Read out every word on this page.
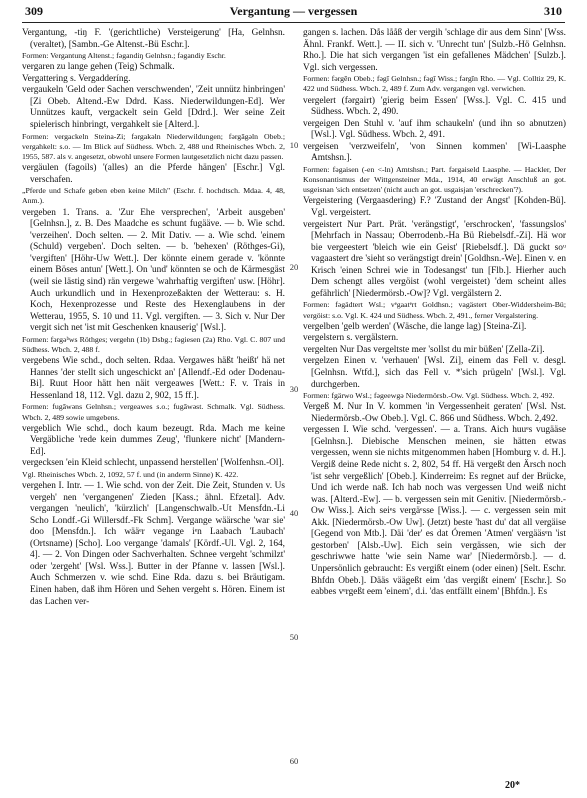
309	Vergantung — vergessen	310

Vergantung, -tiŋ F. '(gerichtliche) Versteigerung' [Ha, Gelnhsn. (veraltet), [Sambn.-Ge Altenst.-Bü Eschr.].

Formen: Vergantung Altenst.; fəgandiŋ Gelnhsn.; fəgandiy Eschr.

vergaren zu lange gehen (Teig) Schmalk.

Vergattering s. Vergadderíng.

vergaukeln 'Geld oder Sachen verschwenden', 'Zeit unnütz hinbringen' [Zi Obeb. Altend.-Ew Ddrd. Kass. Niederwildungen-Ed]. Wer Unnützes kauft, vergackelt sein Geld [Ddrd.]. Wer seine Zeit spielerisch hinbringt, vergahkelt sie [Alterd.].

Formen: vergackeln Steina-Zi; fərgakəln Niederwildungen; fərgāgəln Obeb.; vergahkelt: s.o. — Im Blick auf Südhess. Wbch. 2, 488 und Rheinisches Wbch. 2, 1955, 587. als v. angesetzt, obwohl unsere Formen lautgesetzlich nicht dazu passen.

vergäulen (fəgoils) '(alles) an die Pferde hängen' [Eschr.] Vgl. verschafen.

„Pferde und Schafe geben eben keine Milch" (Eschr. f. hochdtsch. Mdaa. 4, 48, Anm.).

vergeben 1. Trans. a. 'Zur Ehe versprechen', 'Arbeit ausgeben' [Gelnhsn.], z. B. Des Maadche es schunt fugääve. — b. Wie schd. 'verzeihen'. Doch selten. — 2. Mit Dativ. — a. Wie schd. 'einem (Schuld) vergeben'. Doch selten. — b. 'behexen' (Röthges-Gi), 'vergiften' [Höhr-Uw Wett.]. Der könnte einem gerade v. 'könnte einem Böses antun' [Wett.]. On 'und' könnten se och de Kärmesgäst (weil sie lästig sind) rän vergewe 'wahrhaftig vergiften' usw. [Höhr]. Auch urkundlich und in Hexenprozeßakten der Wetterau: s. H. Koch, Hexenprozesse und Reste des Hexenglaubens in der Wetterau, 1955, S. 10 und 11. Vgl. vergiften. — 3. Sich v. Nur Der vergit sich net 'ist mit Geschenken knauserig' [Wsl.].

Formen: fərgəᵇws Röthges; vergehn (1b) Dsbg.; fəgiesen (2a) Rho. Vgl. C. 807 und Südhess. Wbch. 2, 488 f.

vergebens Wie schd., doch selten. Rdaa. Vergawes häßt 'heißt' hä net Hannes 'der stellt sich ungeschickt an' [Allendf.-Ed oder Dodenau-Bi]. Ruut Hoor hätt hen näit vergeawes [Wett.: F. v. Trais in Hessenland 18, 112. Vgl. dazu 2, 902, 15 ff.].

Formen: fugāwəns Gelnhsn.; vergeawes s.o.; fugāwəst. Schmalk. Vgl. Südhess. Wbch. 2, 489 sowie umgebens.

vergeblich Wie schd., doch kaum bezeugt. Rda. Mach me keine Vergäbliche 'rede kein dummes Zeug', 'flunkere nicht' [Mandern-Ed].

vergecksen 'ein Kleid schlecht, unpassend herstellen' [Wolfenhsn.-Ol].

Vgl. Rheinisches Wbch. 2, 1092, 57 f. und (in anderm Sinne) K. 422.

vergehen I. Intr. — 1. Wie schd. von der Zeit. Die Zeit, Stunden v. Us vergeh' nen 'vergangenen' Zieden [Kass.; ähnl. Efzetal]. Adv. vergangen 'neulich', 'kürzlich' [Langenschwalb.-Ut Mensfdn.-Li Scho Londf.-Gi Willersdf.-Fk Schm]. Vergange wäärsche 'war sie' doo [Mensfdn.]. Ich wääᵉr vegange iᵉn Laabach 'Laubach' (Ortsname) [Scho]. Loo vergange 'damals' [Kördf.-Ul. Vgl. 2, 164, 4]. — 2. Von Dingen oder Sachverhalten. Schnee vergeht 'schmilzt' oder 'zergeht' [Wsl. Wss.]. Butter in der Pfanne v. lassen [Wsl.]. Auch Schmerzen v. wie schd. Eine Rda. dazu s. bei Bräutigam. Einen haben, daß ihm Hören und Sehen vergeht s. Hören. Einem ist das Lachen ver-

10
20
30
40
50
60

gangen s. lachen. Dås lååß der vergih 'schlage dir aus dem Sinn' [Wss. Ähnl. Frankf. Wett.]. — II. sich v. 'Unrecht tun' [Sulzb.-Hö Gelnhsn. Rho.]. Die hat sich vergangen 'ist ein gefallenes Mädchen' [Sulzb.]. Vgl. sich vergessen.

Formen: fərgēn Obeb.; fəgī Gelnhsn.; fəgī Wiss.; fərgīn Rho. — Vgl. Colltiz 29, K. 422 und Südhess. Wbch. 2, 489 f. Zum Adv. vergangen vgl. verwichen.

vergelert (fərgairt) 'gierig beim Essen' [Wss.]. Vgl. C. 415 und Südhess. Wbch. 2, 490.

vergeigen Den Stuhl v. 'auf ihm schaukeln' (und ihn so abnutzen) [Wsl.]. Vgl. Südhess. Wbch. 2, 491.

vergeisen 'verzweifeln', 'von Sinnen kommen' [Wi-Laasphe Amtshsn.].

Formen: fəgaisen (-en <-ln) Amtshsn.; Part. fərgaiseld Laasphe. — Hackler, Der Konsonantismus der Wittgensteiner Mda., 1914, 40 erwägt Anschluß an got. usgeisnan 'sich entsetzen' (nicht auch an got. usgaisjan 'erschrecken'?).

Vergeistering (Vergaasdering) F.? 'Zustand der Angst' [Kohden-Bü]. Vgl. vergeistert.

vergeistert Nur Part. Prät. 'verängstigt', 'erschrocken', 'fassungslos' [Mehrfach in Nassau; Oberrodenb.-Ha Bü Riebelsdf.-Zi]. Hä wor bie vergeestert 'bleich wie ein Geist' [Riebelsdf.]. Dä guckt soᵘ vagaastert dre 'sieht so verängstigt drein' [Goldhsn.-We]. Einen v. en Krisch 'einen Schrei wie in Todesangst' tun [Flb.]. Hierher auch Dem schengt alles vergöist (wohl vergeistet) 'dem scheint alles gefährlich' [Niedermörsb.-Ow]? Vgl. vergälstern 2.

Formen: fəgädtert Wsl.; vᵉgaatᵉrt Goldhsn.; vagästert Ober-Widdersheim-Bü; vergöist: s.o. Vgl. K. 424 und Südhess. Wbch. 2, 491., ferner Vergalstering.

vergelben 'gelb werden' (Wäsche, die lange lag) [Steina-Zi].

vergelstern s. vergälstern.

vergelten Nur Das vergeltste mer 'sollst du mir büßen' [Zella-Zi].

vergelzen Einen v. 'verhauen' [Wsl. Zi], einem das Fell v. desgl. [Gelnhsn. Wtfd.], sich das Fell v. *'sich prügeln' [Wsl.]. Vgl. durchgerben.

Formen: fgärwo Wsl.; fəgeewgə Niedermörsb.-Ow. Vgl. Südhess. Wbch. 2, 492.

Vergeß M. Nur In V. kommen 'in Vergessenheit geraten' [Wsl. Nst. Niedermörsb.-Ow Obeb.]. Vgl. C. 866 und Südhess. Wbch. 2,492.

vergessen I. Wie schd. 'vergessen'. — a. Trans. Aich huuᵉs vugääse [Gelnhsn.]. Diebische Menschen meinen, sie hätten etwas vergessen, wenn sie nichts mitgenommen haben [Homburg v. d. H.]. Vergiß deine Rede nicht s. 2, 802, 54 ff. Hä vergeßt den Ärsch noch 'ist sehr vergeßlich' [Obeb.]. Kinderreim: Es regnet auf der Brücke, Und ich werde naß. Ich hab noch was vergessen Und weiß nicht was. [Alterd.-Ew]. — b. vergessen sein mit Genitiv. [Niedermörsb.-Ow Wiss.]. Aich seiᵉs vergäᵉsse [Wiss.]. — c. vergessen sein mit Akk. [Niedermörsb.-Ow Uw]. (Jetzt) beste 'hast du' dat all vergäise [Gegend von Mtb.]. Däi 'der' es dat Óremen 'Atmen' vergääsᵉn 'ist gestorben' [Alsb.-Uw]. Eich sein vergässen, wie sich der geschriwwe hatte 'wie sein Name war' [Niedermörsb.]. — d. Unpersönlich gebraucht: Es vergißt einem (oder einen) [Selt. Eschr. Bhfdn Obeb.]. Dääs väägeßt eim 'das vergißt einem' [Eschr.]. So eabbes vᵉrgeßt eem 'einem', d.i. 'das entfällt einem' [Bhfdn.]. Es

20*
